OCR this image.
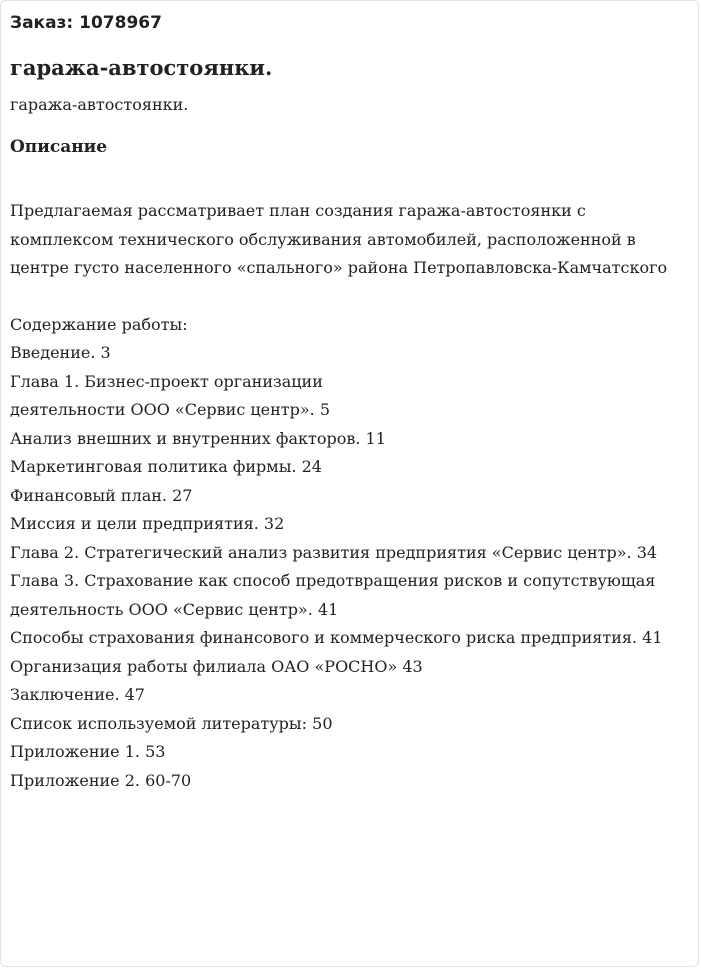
Заказ: 1078967
гаража-автостоянки.
гаража-автостоянки.
Описание

Предлагаемая рассматривает план создания гаража-автостоянки с комплексом технического обслуживания автомобилей, расположенной в центре густо населенного «спального» района Петропавловска-Камчатского

Содержание работы:
Введение. 3
Глава 1. Бизнес-проект организации
деятельности ООО «Сервис центр». 5
Анализ внешних и внутренних факторов. 11
Маркетинговая политика фирмы. 24
Финансовый план. 27
Миссия и цели предприятия. 32
Глава 2. Стратегический анализ развития предприятия «Сервис центр». 34
Глава 3. Страхование как способ предотвращения рисков и сопутствующая деятельность ООО «Сервис центр». 41
Способы страхования финансового и коммерческого риска предприятия. 41
Организация работы филиала ОАО «РОСНО» 43
Заключение. 47
Список используемой литературы: 50
Приложение 1. 53
Приложение 2. 60-70
